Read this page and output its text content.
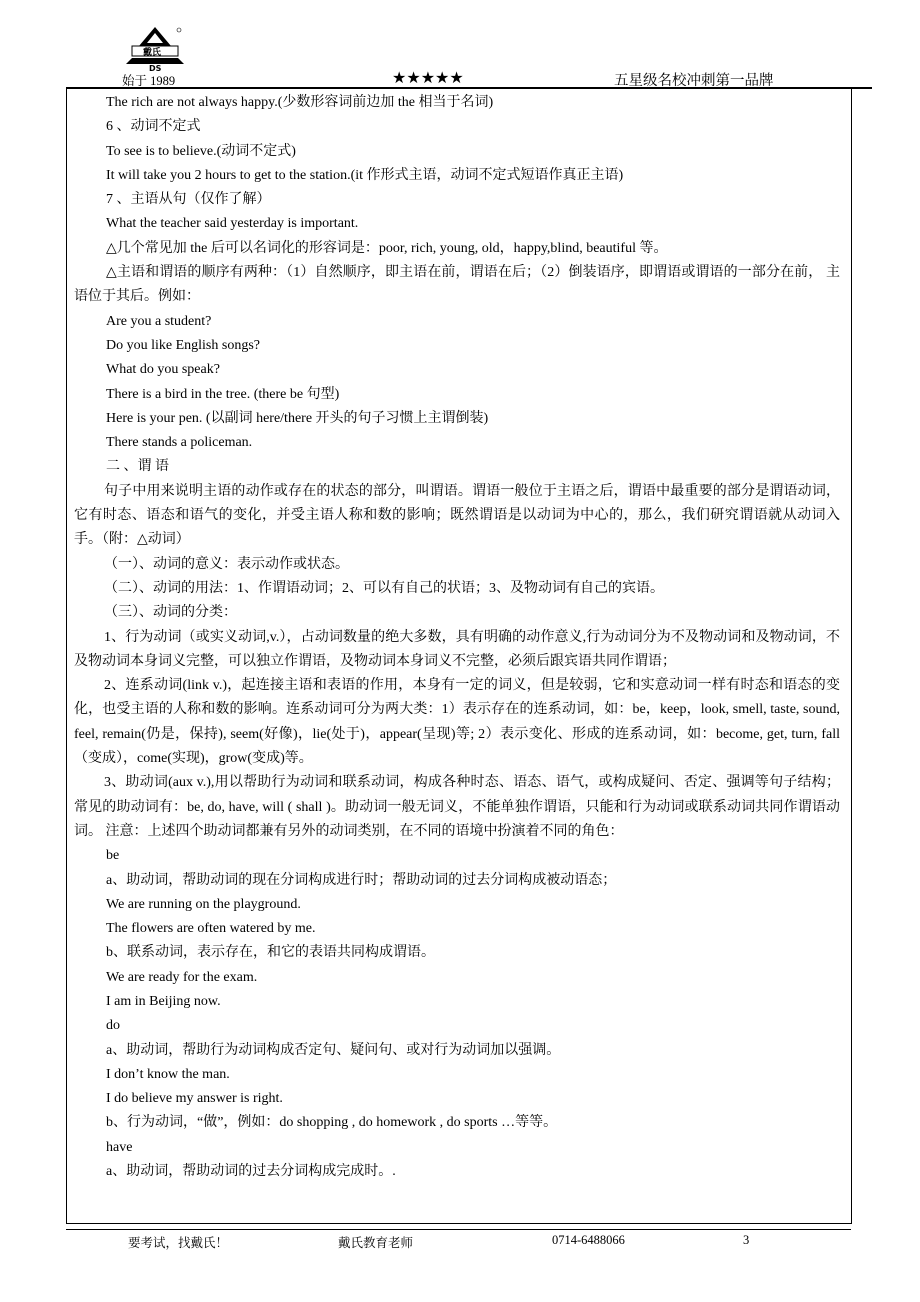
DS
戴氏
始于 1989	★★★★★	五星级名校冲刺第一品牌

The rich are not always happy.(少数形容词前边加 the 相当于名词)

6 、动词不定式

To see is to believe.(动词不定式)

It will take you 2 hours to get to the station.(it 作形式主语，动词不定式短语作真正主语)

7 、主语从句（仅作了解）

What the teacher said yesterday is important.

△几个常见加 the 后可以名词化的形容词是：poor, rich, young, old，happy,blind, beautiful 等。

△主语和谓语的顺序有两种：（1）自然顺序，即主语在前，谓语在后；（2）倒装语序，即谓语或谓语的一部分在前， 主语位于其后。例如：

Are you a student?

Do you like English songs?

What do you speak?

There is a bird in the tree. (there be 句型)

Here is your pen. (以副词 here/there 开头的句子习惯上主谓倒装)

There stands a policeman.

二 、谓 语

句子中用来说明主语的动作或存在的状态的部分，叫谓语。谓语一般位于主语之后，谓语中最重要的部分是谓语动词，它有时态、语态和语气的变化，并受主语人称和数的影响；既然谓语是以动词为中心的，那么，我们研究谓语就从动词入手。（附：△动词）

（一）、动词的意义：表示动作或状态。

（二）、动词的用法：1、作谓语动词；2、可以有自己的状语；3、及物动词有自己的宾语。

（三）、动词的分类：

1、行为动词（或实义动词,v.），占动词数量的绝大多数，具有明确的动作意义,行为动词分为不及物动词和及物动词，不及物动词本身词义完整，可以独立作谓语，及物动词本身词义不完整，必须后跟宾语共同作谓语；

2、连系动词(link v.)，起连接主语和表语的作用，本身有一定的词义，但是较弱，它和实意动词一样有时态和语态的变化，也受主语的人称和数的影响。连系动词可分为两大类：1）表示存在的连系动词，如：be，keep，look, smell, taste, sound, feel, remain(仍是，保持), seem(好像)，lie(处于)，appear(呈现)等; 2）表示变化、形成的连系动词，如：become, get, turn, fall（变成），come(实现)，grow(变成)等。

3、助动词(aux v.),用以帮助行为动词和联系动词，构成各种时态、语态、语气，或构成疑问、否定、强调等句子结构；常见的助动词有：be, do, have, will ( shall )。助动词一般无词义，不能单独作谓语，只能和行为动词或联系动词共同作谓语动词。 注意：上述四个助动词都兼有另外的动词类别，在不同的语境中扮演着不同的角色：

be

a、助动词，帮助动词的现在分词构成进行时；帮助动词的过去分词构成被动语态；

We are running on the playground.

The flowers are often watered by me.

b、联系动词，表示存在，和它的表语共同构成谓语。

We are ready for the exam.

I am in Beijing now.

do

a、助动词，帮助行为动词构成否定句、疑问句、或对行为动词加以强调。

I don’t know the man.

I do believe my answer is right.

b、行为动词，“做”，例如：do shopping , do homework , do sports …等等。

have

a、助动词，帮助动词的过去分词构成完成时。.

要考试，找戴氏！	戴氏教育老师	0714-6488066	3
